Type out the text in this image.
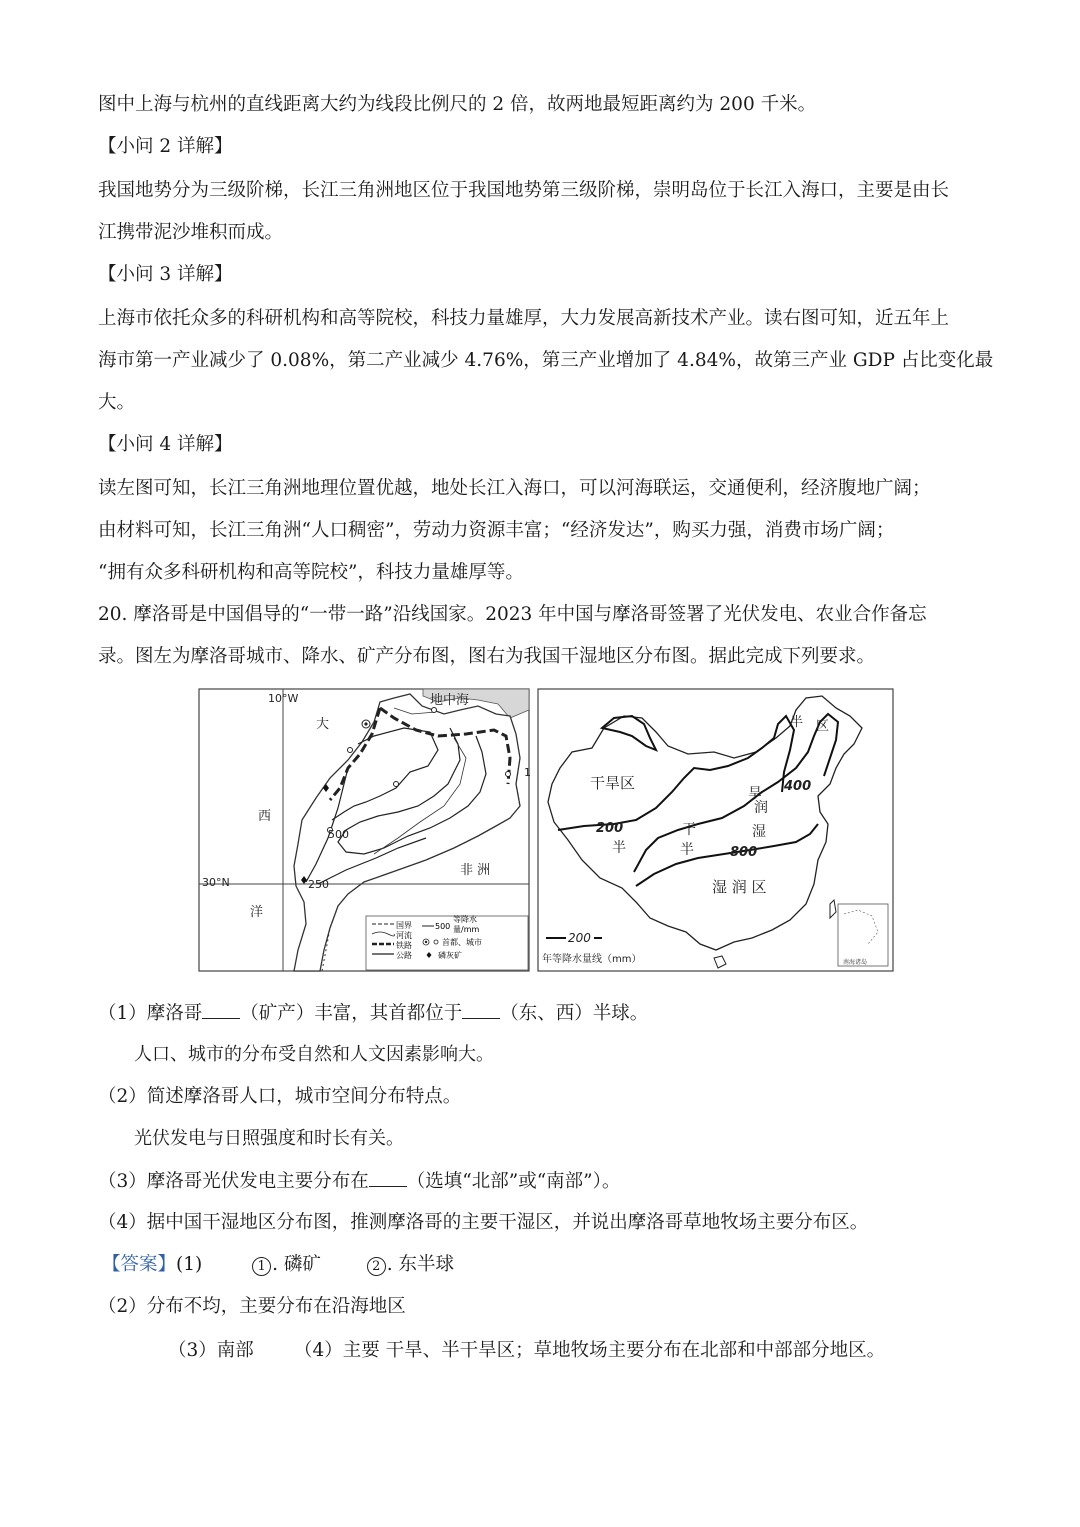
图中上海与杭州的直线距离大约为线段比例尺的 2 倍，故两地最短距离约为 200 千米。
【小问 2 详解】
我国地势分为三级阶梯，长江三角洲地区位于我国地势第三级阶梯，崇明岛位于长江入海口，主要是由长
江携带泥沙堆积而成。
【小问 3 详解】
上海市依托众多的科研机构和高等院校，科技力量雄厚，大力发展高新技术产业。读右图可知，近五年上
海市第一产业减少了 0.08%，第二产业减少 4.76%，第三产业增加了 4.84%，故第三产业 GDP 占比变化最
大。
【小问 4 详解】
读左图可知，长江三角洲地理位置优越，地处长江入海口，可以河海联运，交通便利，经济腹地广阔；
由材料可知，长江三角洲“人口稠密”，劳动力资源丰富；“经济发达”，购买力强，消费市场广阔；
“拥有众多科研机构和高等院校”，科技力量雄厚等。
20. 摩洛哥是中国倡导的“一带一路”沿线国家。2023 年中国与摩洛哥签署了光伏发电、农业合作备忘
录。图左为摩洛哥城市、降水、矿产分布图，图右为我国干湿地区分布图。据此完成下列要求。
10°W
30°N
地中海
大
西
洋
非 洲
500
250
1
国界
河流
铁路
公路
500
等降水
量/mm
首都、城市
磷灰矿
南海诸岛
干旱区
半
干
旱
半
半
湿
润
区
湿 润 区
200
400
800
200
年等降水量线（mm）
（1）摩洛哥 （矿产）丰富，其首都位于 （东、西）半球。
人口、城市的分布受自然和人文因素影响大。
（2）简述摩洛哥人口，城市空间分布特点。
光伏发电与日照强度和时长有关。
（3）摩洛哥光伏发电主要分布在 （选填“北部”或“南部”）。
（4）据中国干湿地区分布图，推测摩洛哥的主要干湿区，并说出摩洛哥草地牧场主要分布区。
【答案】(1)	1 . 磷矿	2 . 东半球
（2）分布不均，主要分布在沿海地区
（3）南部 （4）主要 干旱、半干旱区；草地牧场主要分布在北部和中部部分地区。
